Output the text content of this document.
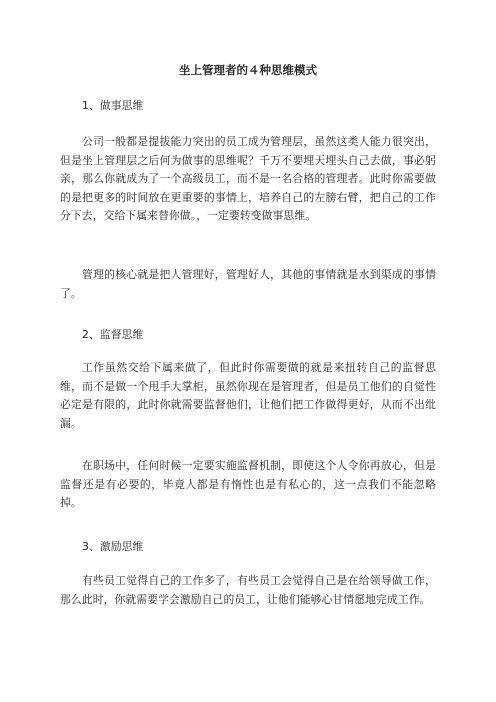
坐上管理者的４种思维模式

1、做事思维

公司一般都是提拔能力突出的员工成为管理层，虽然这类人能力很突出，但是坐上管理层之后何为做事的思维呢？千万不要埋天埋头自己去做，事必躬亲，那么你就成为了一个高级员工，而不是一名合格的管理者。此时你需要做的是把更多的时间放在更重要的事情上，培养自己的左膀右臂，把自己的工作分下去，交给下属来替你做。，一定要转变做事思维。

管理的核心就是把人管理好，管理好人，其他的事情就是水到渠成的事情了。

2、监督思维

工作虽然交给下属来做了，但此时你需要做的就是来扭转自己的监督思维，而不是做一个甩手大掌柜，虽然你现在是管理者，但是员工他们的自觉性必定是有限的，此时你就需要监督他们，让他们把工作做得更好，从而不出纰漏。

在职场中，任何时候一定要实施监督机制，即使这个人令你再放心，但是监督还是有必要的，毕竟人都是有惰性也是有私心的，这一点我们不能忽略掉。

3、激励思维

有些员工觉得自己的工作多了，有些员工会觉得自己是在给领导做工作，那么此时，你就需要学会激励自己的员工，让他们能够心甘情愿地完成工作。
